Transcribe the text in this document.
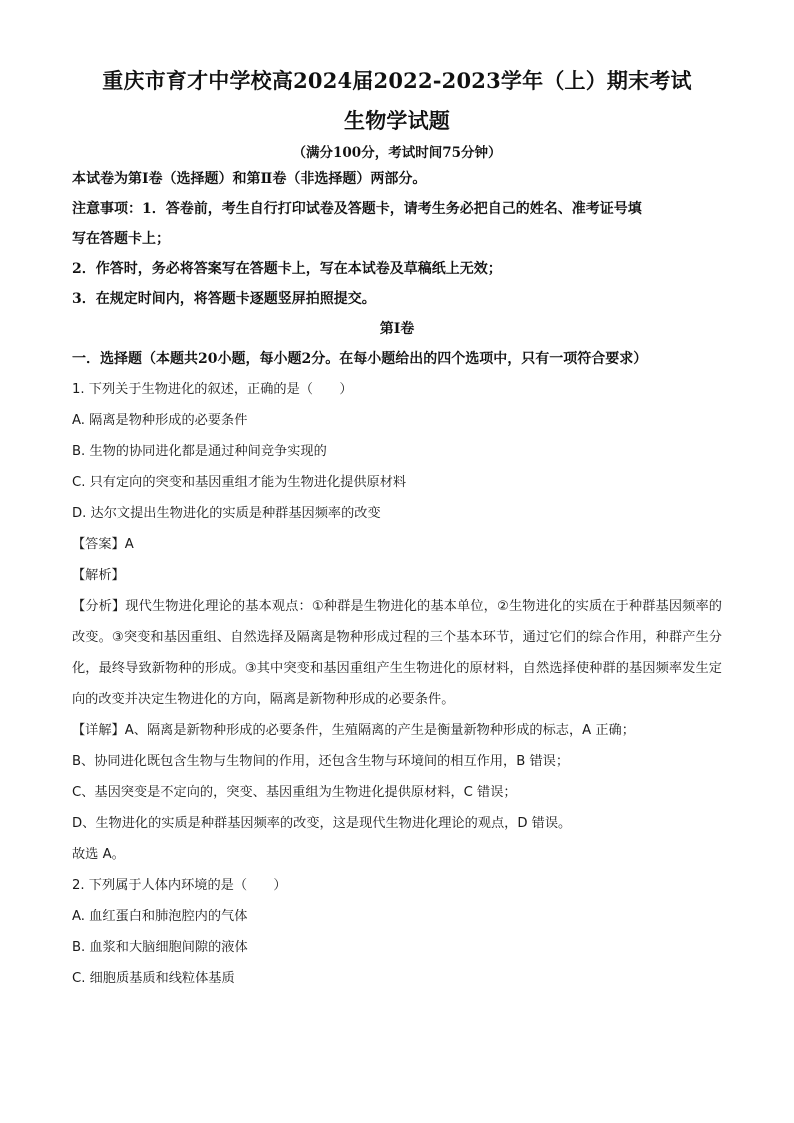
重庆市育才中学校高2024届2022-2023学年（上）期末考试
生物学试题
（满分100分，考试时间75分钟）
本试卷为第Ⅰ卷（选择题）和第Ⅱ卷（非选择题）两部分。
注意事项：1．答卷前，考生自行打印试卷及答题卡，请考生务必把自己的姓名、准考证号填
写在答题卡上；
2．作答时，务必将答案写在答题卡上，写在本试卷及草稿纸上无效；
3．在规定时间内，将答题卡逐题竖屏拍照提交。
第Ⅰ卷
一．选择题（本题共20小题，每小题2分。在每小题给出的四个选项中，只有一项符合要求）
1. 下列关于生物进化的叙述，正确的是（　　）
A. 隔离是物种形成的必要条件
B. 生物的协同进化都是通过种间竞争实现的
C. 只有定向的突变和基因重组才能为生物进化提供原材料
D. 达尔文提出生物进化的实质是种群基因频率的改变
【答案】A
【解析】
【分析】现代生物进化理论的基本观点：①种群是生物进化的基本单位，②生物进化的实质在于种群基因频率的改变。③突变和基因重组、自然选择及隔离是物种形成过程的三个基本环节，通过它们的综合作用，种群产生分化，最终导致新物种的形成。③其中突变和基因重组产生生物进化的原材料，自然选择使种群的基因频率发生定向的改变并决定生物进化的方向，隔离是新物种形成的必要条件。
【详解】A、隔离是新物种形成的必要条件，生殖隔离的产生是衡量新物种形成的标志，A 正确；
B、协同进化既包含生物与生物间的作用，还包含生物与环境间的相互作用，B 错误；
C、基因突变是不定向的，突变、基因重组为生物进化提供原材料，C 错误；
D、生物进化的实质是种群基因频率的改变，这是现代生物进化理论的观点，D 错误。
故选 A。
2. 下列属于人体内环境的是（　　）
A. 血红蛋白和肺泡腔内的气体
B. 血浆和大脑细胞间隙的液体
C. 细胞质基质和线粒体基质
